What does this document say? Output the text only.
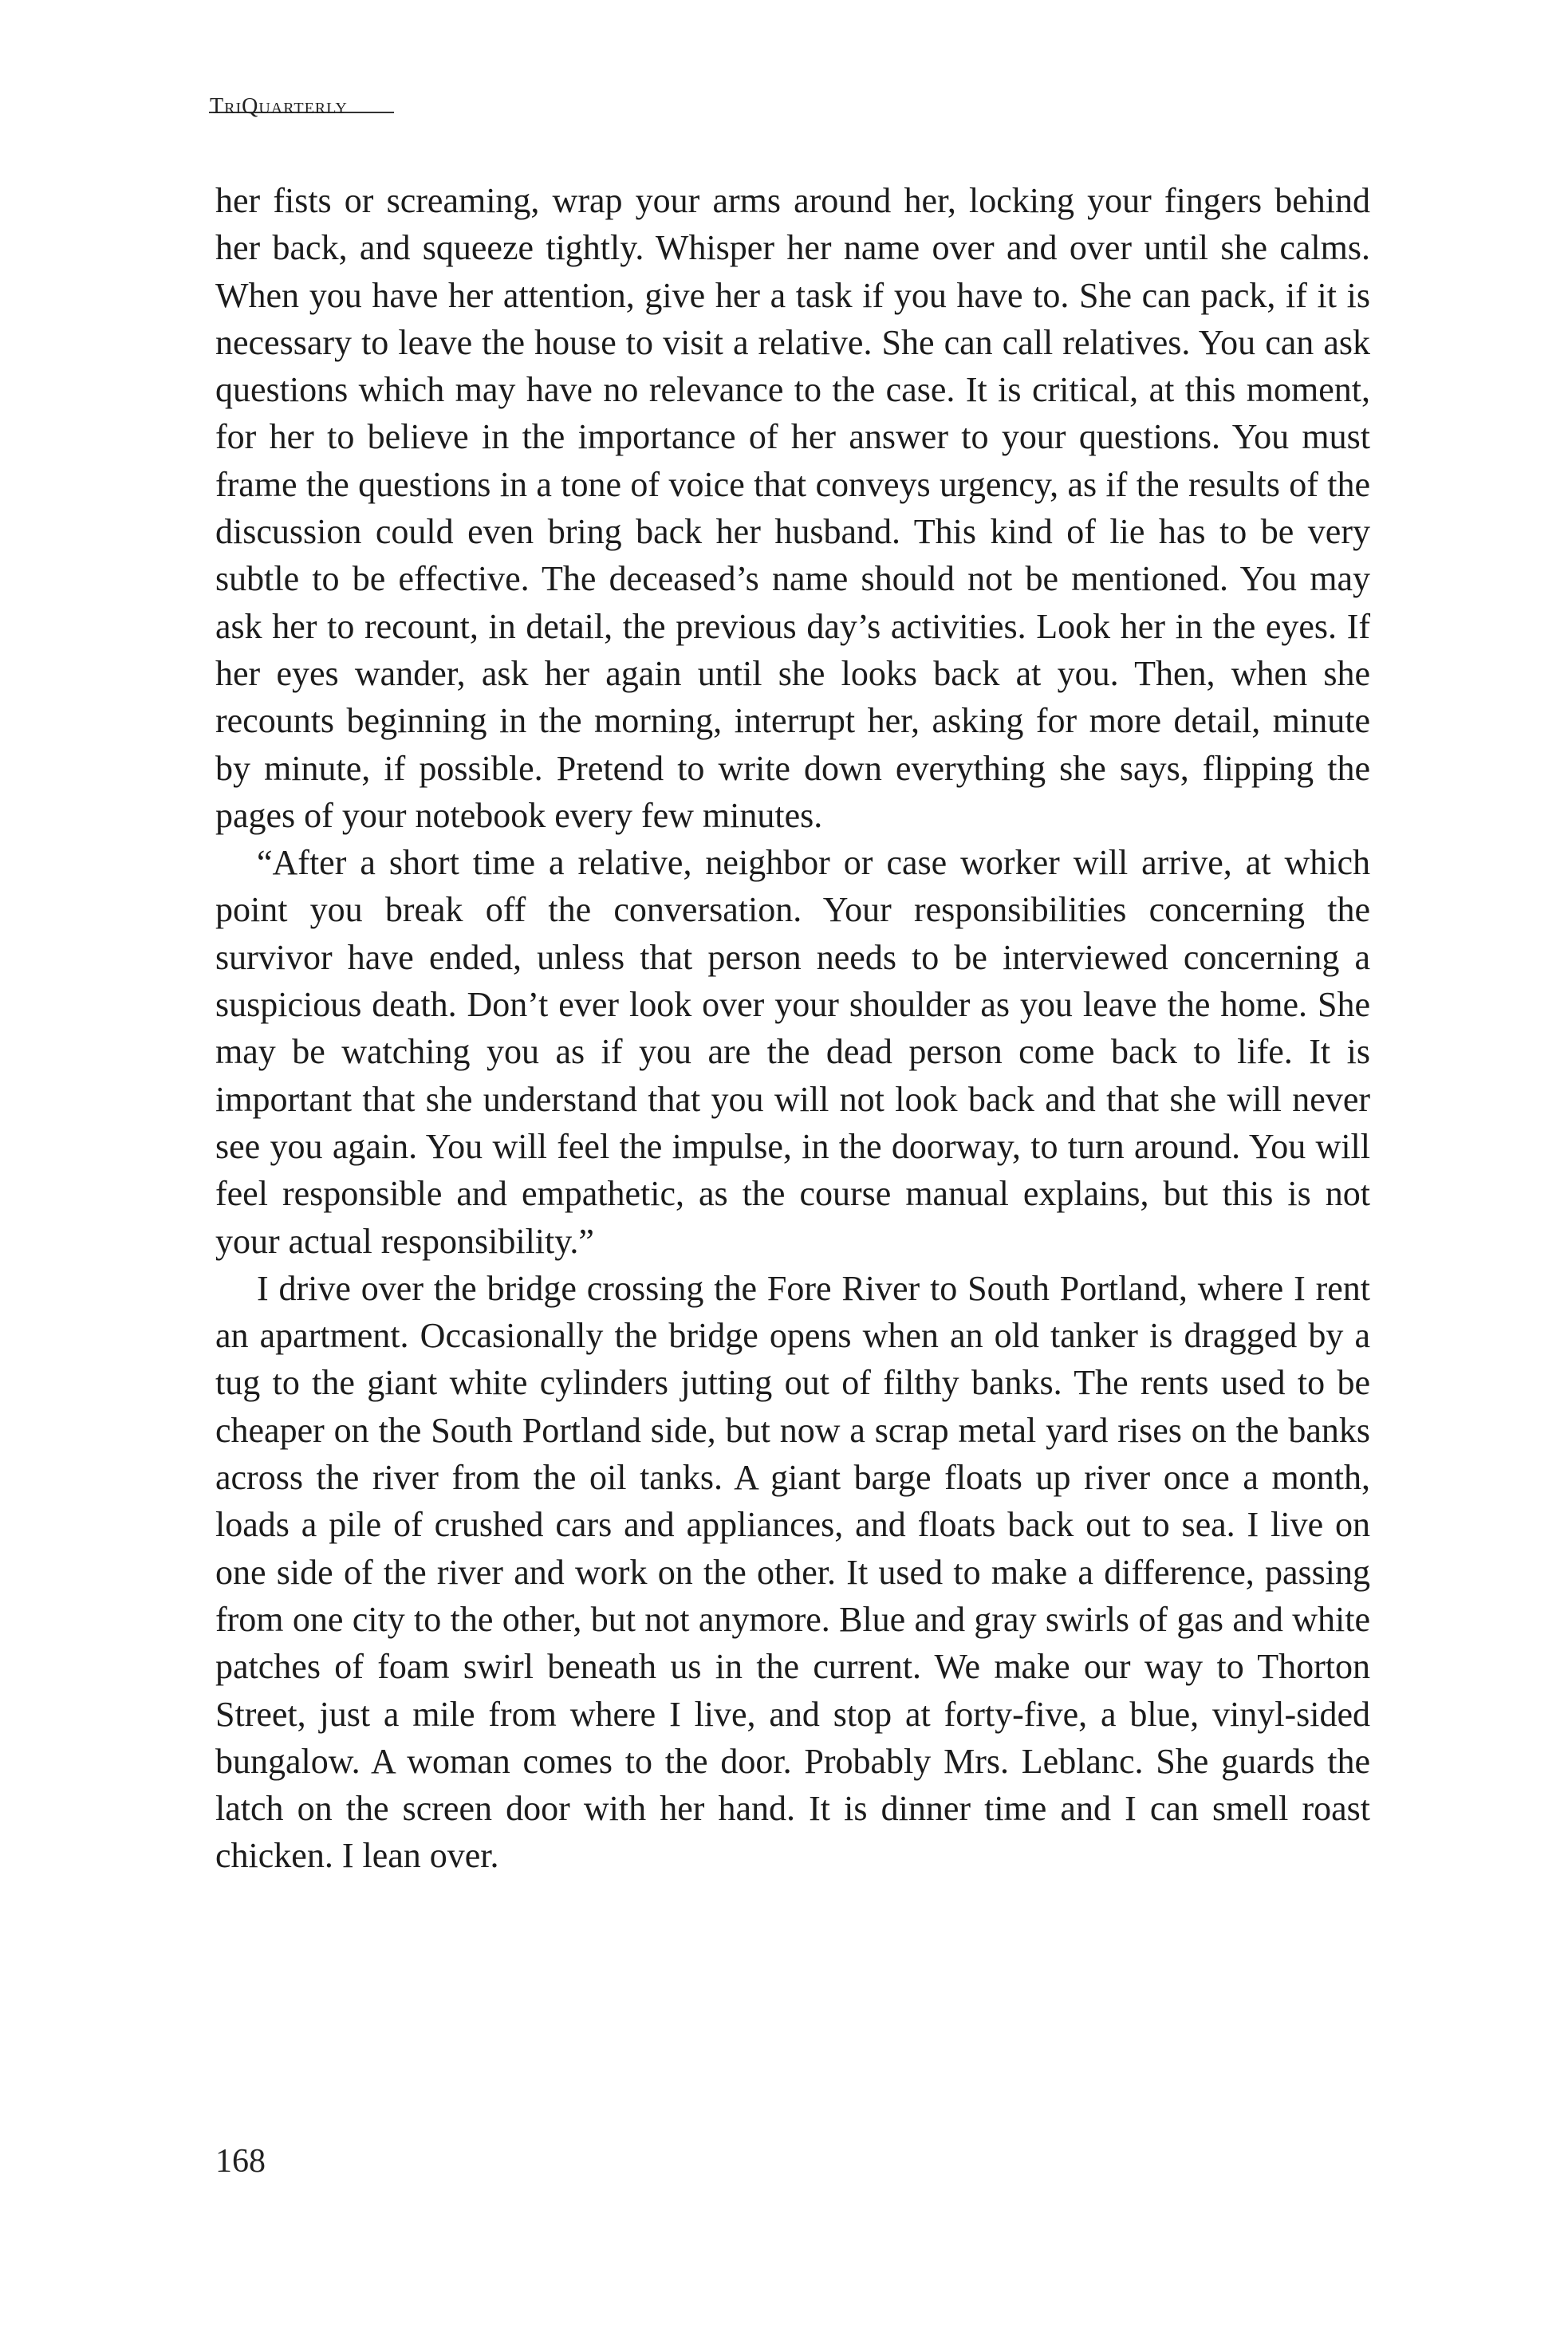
TriQuarterly

her fists or screaming, wrap your arms around her, locking your fingers behind her back, and squeeze tightly. Whisper her name over and over until she calms. When you have her attention, give her a task if you have to. She can pack, if it is necessary to leave the house to visit a relative. She can call relatives. You can ask questions which may have no relevance to the case. It is critical, at this moment, for her to believe in the importance of her answer to your questions. You must frame the questions in a tone of voice that conveys urgency, as if the results of the discussion could even bring back her husband. This kind of lie has to be very subtle to be effective. The deceased’s name should not be mentioned. You may ask her to recount, in detail, the previous day’s activities. Look her in the eyes. If her eyes wander, ask her again until she looks back at you. Then, when she recounts beginning in the morning, interrupt her, asking for more detail, minute by minute, if possible. Pretend to write down everything she says, flipping the pages of your notebook every few minutes.

“After a short time a relative, neighbor or case worker will arrive, at which point you break off the conversation. Your responsibilities concerning the survivor have ended, unless that person needs to be interviewed concerning a suspicious death. Don’t ever look over your shoulder as you leave the home. She may be watching you as if you are the dead person come back to life. It is important that she understand that you will not look back and that she will never see you again. You will feel the impulse, in the doorway, to turn around. You will feel responsible and empathetic, as the course manual explains, but this is not your actual responsibility.”

I drive over the bridge crossing the Fore River to South Portland, where I rent an apartment. Occasionally the bridge opens when an old tanker is dragged by a tug to the giant white cylinders jutting out of filthy banks. The rents used to be cheaper on the South Portland side, but now a scrap metal yard rises on the banks across the river from the oil tanks. A giant barge floats up river once a month, loads a pile of crushed cars and appliances, and floats back out to sea. I live on one side of the river and work on the other. It used to make a difference, passing from one city to the other, but not anymore. Blue and gray swirls of gas and white patches of foam swirl beneath us in the current. We make our way to Thorton Street, just a mile from where I live, and stop at forty-five, a blue, vinyl-sided bungalow. A woman comes to the door. Probably Mrs. Leblanc. She guards the latch on the screen door with her hand. It is dinner time and I can smell roast chicken. I lean over.

168
